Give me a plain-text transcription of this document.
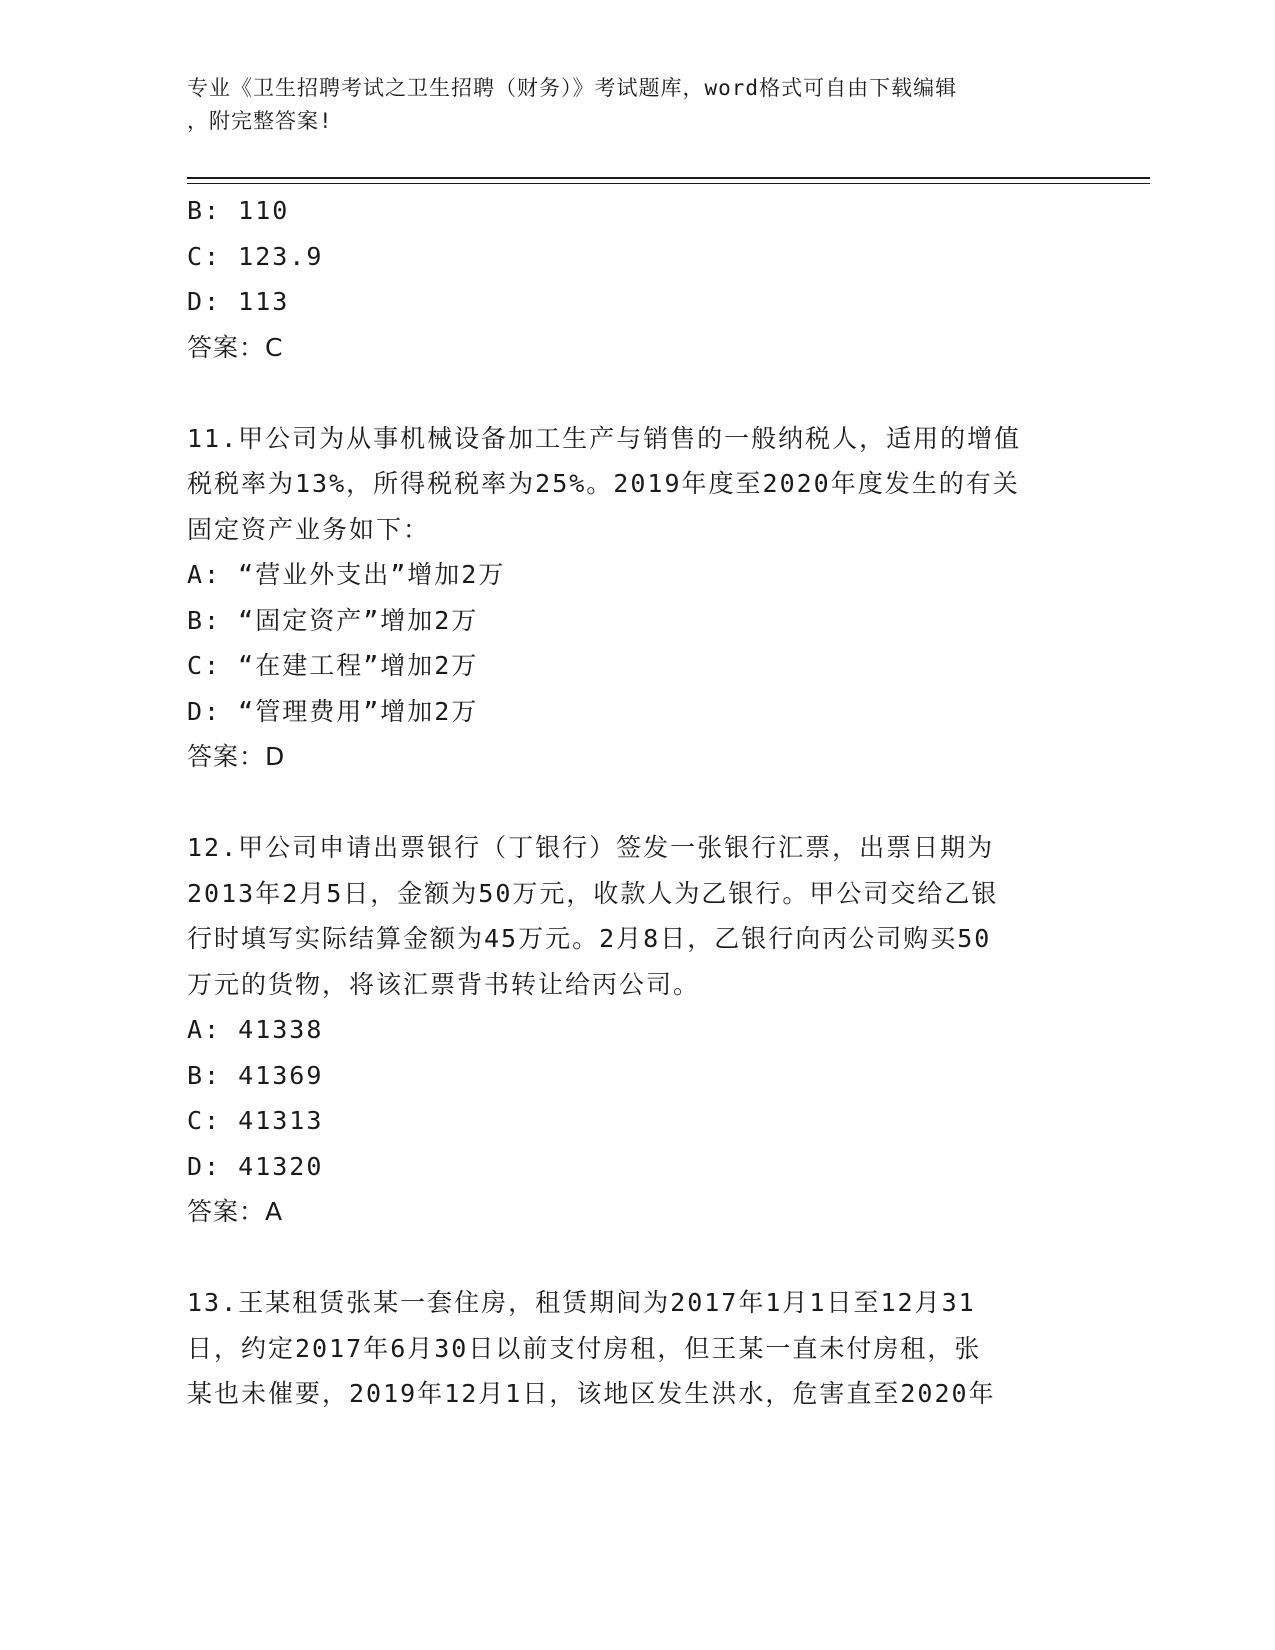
专业《卫生招聘考试之卫生招聘（财务）》考试题库，word格式可自由下载编辑
，附完整答案!
B: 110
C: 123.9
D: 113
答案：C
11.甲公司为从事机械设备加工生产与销售的一般纳税人，适用的增值
税税率为13%，所得税税率为25%。2019年度至2020年度发生的有关
固定资产业务如下：
A: “营业外支出”增加2万
B: “固定资产”增加2万
C: “在建工程”增加2万
D: “管理费用”增加2万
答案：D
12.甲公司申请出票银行（丁银行）签发一张银行汇票，出票日期为
2013年2月5日，金额为50万元，收款人为乙银行。甲公司交给乙银
行时填写实际结算金额为45万元。2月8日，乙银行向丙公司购买50
万元的货物，将该汇票背书转让给丙公司。
A: 41338
B: 41369
C: 41313
D: 41320
答案：A
13.王某租赁张某一套住房，租赁期间为2017年1月1日至12月31
日，约定2017年6月30日以前支付房租，但王某一直未付房租，张
某也未催要，2019年12月1日，该地区发生洪水，危害直至2020年
